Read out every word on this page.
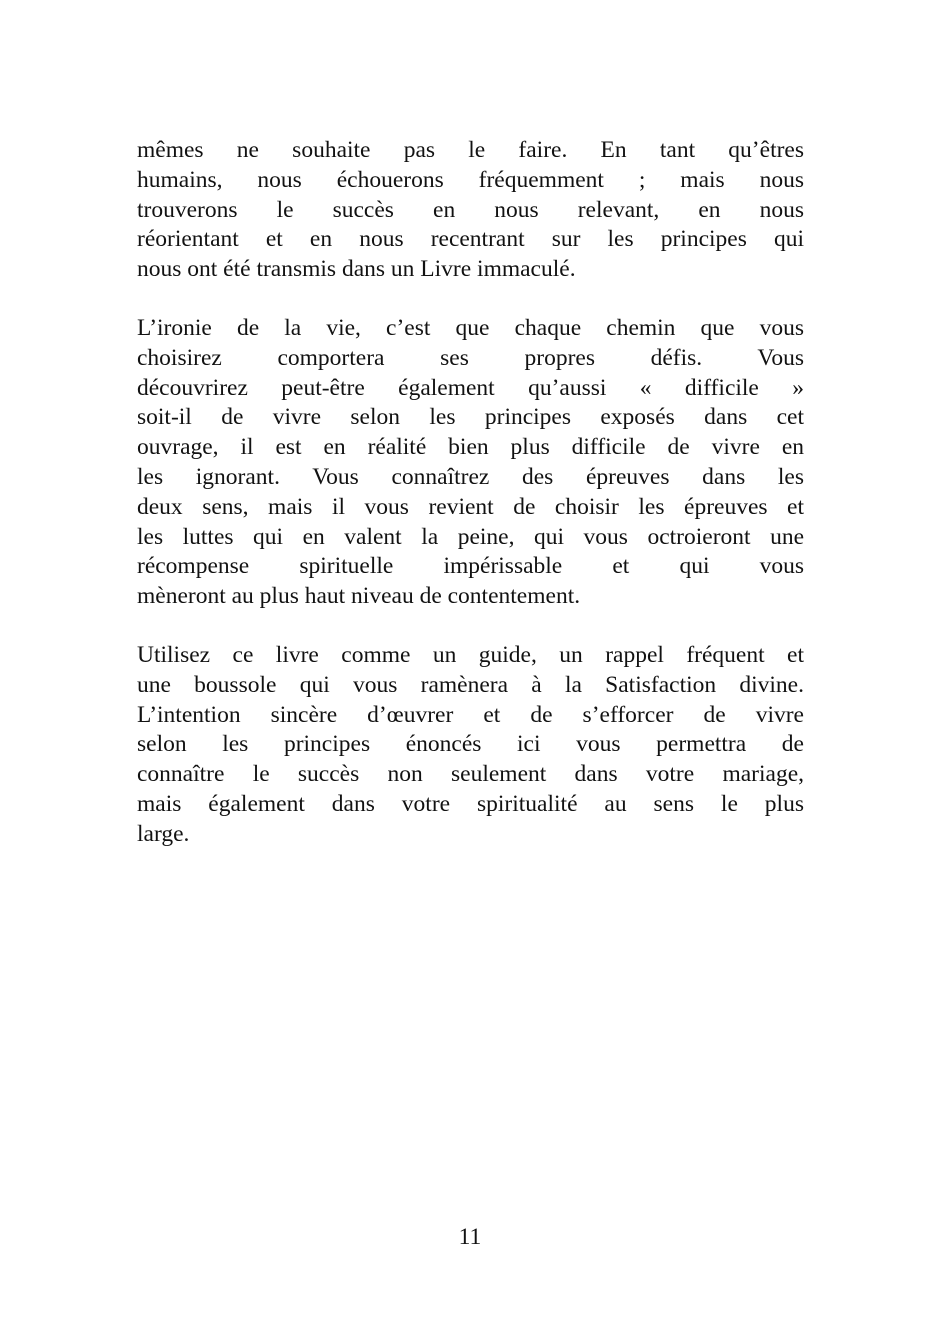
mêmes ne souhaite pas le faire. En tant qu’êtres
humains, nous échouerons fréquemment ; mais nous
trouverons le succès en nous relevant, en nous
réorientant et en nous recentrant sur les principes qui
nous ont été transmis dans un Livre immaculé.
L’ironie de la vie, c’est que chaque chemin que vous
choisirez comportera ses propres défis. Vous
découvrirez peut-être également qu’aussi « difficile »
soit-il de vivre selon les principes exposés dans cet
ouvrage, il est en réalité bien plus difficile de vivre en
les ignorant. Vous connaîtrez des épreuves dans les
deux sens, mais il vous revient de choisir les épreuves et
les luttes qui en valent la peine, qui vous octroieront une
récompense spirituelle impérissable et qui vous
mèneront au plus haut niveau de contentement.
Utilisez ce livre comme un guide, un rappel fréquent et
une boussole qui vous ramènera à la Satisfaction divine.
L’intention sincère d’œuvrer et de s’efforcer de vivre
selon les principes énoncés ici vous permettra de
connaître le succès non seulement dans votre mariage,
mais également dans votre spiritualité au sens le plus
large.
11
